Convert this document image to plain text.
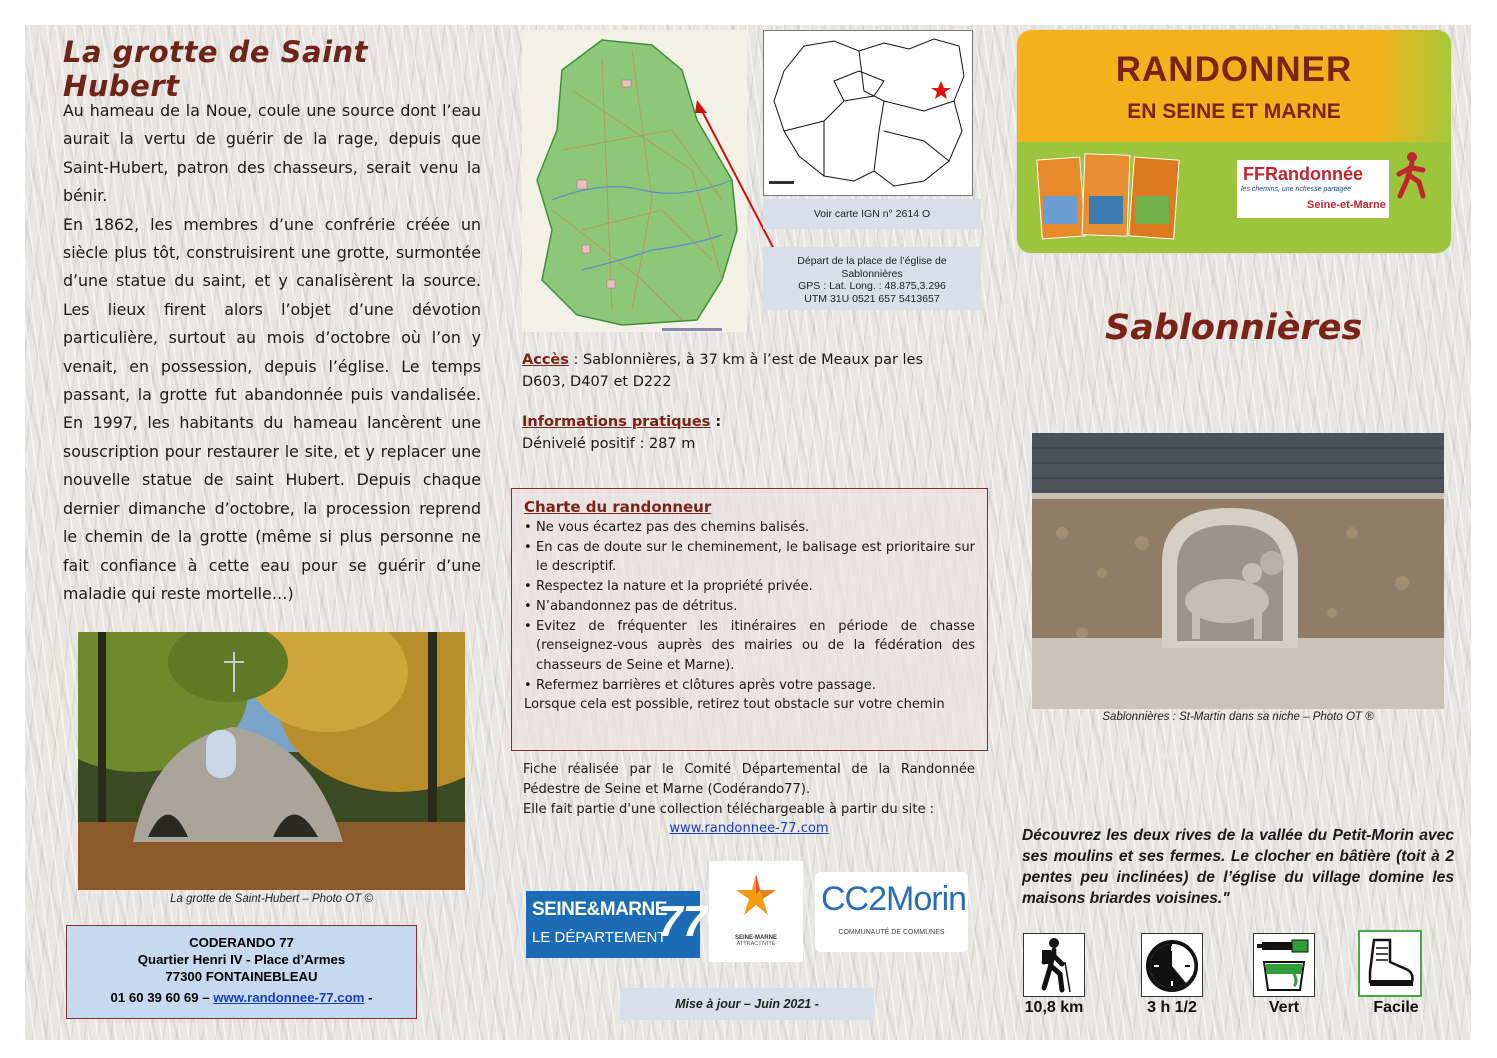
La grotte de Saint Hubert

Au hameau de la Noue, coule une source dont l’eau aurait la vertu de guérir de la rage, depuis que Saint-Hubert, patron des chasseurs, serait venu la bénir.

En 1862, les membres d’une confrérie créée un siècle plus tôt, construisirent une grotte, surmontée d’une statue du saint, et y canalisèrent la source. Les lieux firent alors l’objet d’une dévotion particulière, surtout au mois d’octobre où l’on y venait, en possession, depuis l’église. Le temps passant, la grotte fut abandonnée puis vandalisée. En 1997, les habitants du hameau lancèrent une souscription pour restaurer le site, et y replacer une nouvelle statue de saint Hubert. Depuis chaque dernier dimanche d’octobre, la procession reprend le chemin de la grotte (même si plus personne ne fait confiance à cette eau pour se guérir d’une maladie qui reste mortelle…)

La grotte de Saint-Hubert – Photo OT ©
CODERANDO 77
Quartier Henri IV - Place d’Armes
77300 FONTAINEBLEAU
01 60 39 60 69 – www.randonnee-77.com -
Voir carte IGN n° 2614 O
Départ de la place de l’église de
Sablonnières
GPS : Lat. Long. : 48.875,3.296
UTM 31U 0521 657 5413657
Accès : Sablonnières, à 37 km à l’est de Meaux par les D603, D407 et D222
Informations pratiques :
Dénivelé positif : 287 m
Charte du randonneur
• Ne vous écartez pas des chemins balisés.
• En cas de doute sur le cheminement, le balisage est prioritaire sur le descriptif.
• Respectez la nature et la propriété privée.
• N’abandonnez pas de détritus.
• Evitez de fréquenter les itinéraires en période de chasse (renseignez-vous auprès des mairies ou de la fédération des chasseurs de Seine et Marne).
• Refermez barrières et clôtures après votre passage.
Lorsque cela est possible, retirez tout obstacle sur votre chemin
Fiche réalisée par le Comité Départemental de la Randonnée Pédestre de Seine et Marne (Codérando77).
Elle fait partie d'une collection téléchargeable à partir du site :
www.randonnee-77.com
SEINE&MARNE
LE DÉPARTEMENT
77	SEINE-MARNE
ATTRACTIVITÉ
CC2Morin
COMMUNAUTÉ DE COMMUNES
Mise à jour – Juin 2021 -
RANDONNER
EN SEINE ET MARNE
FFRandonnée
les chemins, une richesse partagée
Seine-et-Marne
Sablonnières
Sablonnières : St-Martin dans sa niche – Photo OT ®
Découvrez les deux rives de la vallée du Petit-Morin avec ses moulins et ses fermes. Le clocher en bâtière (toit à 2 pentes peu inclinées) de l’église du village domine les maisons briardes voisines."
10,8 km	3 h 1/2	Vert	Facile
